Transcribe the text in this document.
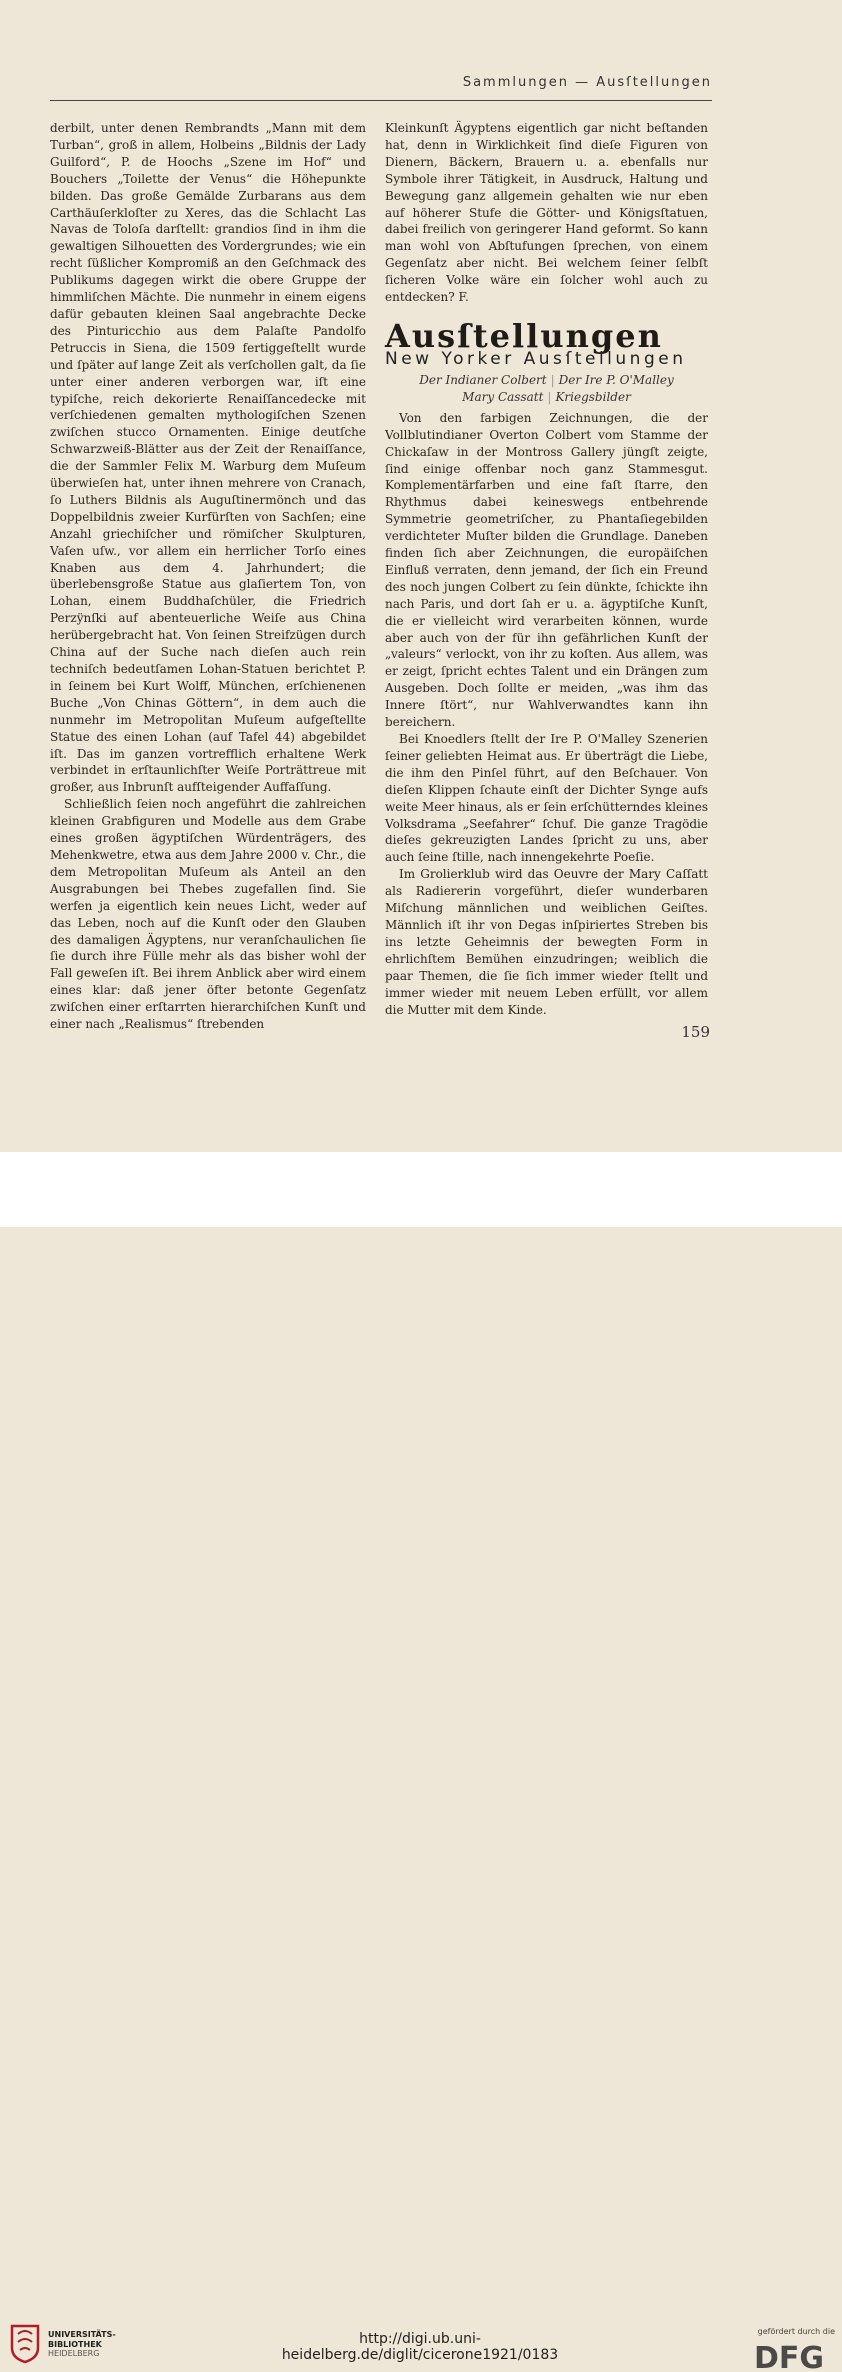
Sammlungen — Ausſtellungen

derbilt, unter denen Rembrandts „Mann mit dem Turban“, groß in allem, Holbeins „Bildnis der Lady Guilford“, P. de Hoochs „Szene im Hof“ und Bouchers „Toilette der Venus“ die Höhepunkte bilden. Das große Gemälde Zurbarans aus dem Carthäuſerkloſter zu Xeres, das die Schlacht Las Navas de Toloſa darſtellt: grandios ſind in ihm die gewaltigen Silhouetten des Vordergrundes; wie ein recht ſüßlicher Kompromiß an den Geſchmack des Publikums dagegen wirkt die obere Gruppe der himmliſchen Mächte. Die nunmehr in einem eigens dafür gebauten kleinen Saal angebrachte Decke des Pinturicchio aus dem Palaſte Pandolfo Petruccis in Siena, die 1509 fertiggeſtellt wurde und ſpäter auf lange Zeit als verſchollen galt, da ſie unter einer anderen verborgen war, iſt eine typiſche, reich dekorierte Renaiſſancedecke mit verſchiedenen gemalten mythologiſchen Szenen zwiſchen stucco Ornamenten. Einige deutſche Schwarzweiß-Blätter aus der Zeit der Renaiſſance, die der Sammler Felix M. Warburg dem Muſeum überwieſen hat, unter ihnen mehrere von Cranach, ſo Luthers Bildnis als Auguſtinermönch und das Doppelbildnis zweier Kurfürſten von Sachſen; eine Anzahl griechiſcher und römiſcher Skulpturen, Vaſen uſw., vor allem ein herrlicher Torſo eines Knaben aus dem 4. Jahrhundert; die überlebensgroße Statue aus glaſiertem Ton, von Lohan, einem Buddhaſchüler, die Friedrich Perzÿnſki auf abenteuerliche Weiſe aus China herübergebracht hat. Von ſeinen Streifzügen durch China auf der Suche nach dieſen auch rein techniſch bedeutſamen Lohan-Statuen berichtet P. in ſeinem bei Kurt Wolff, München, erſchienenen Buche „Von Chinas Göttern“, in dem auch die nunmehr im Metropolitan Muſeum aufgeſtellte Statue des einen Lohan (auf Tafel 44) abgebildet iſt. Das im ganzen vortrefflich erhaltene Werk verbindet in erſtaunlichſter Weiſe Porträttreue mit großer, aus Inbrunſt aufſteigender Auffaſſung.

Schließlich ſeien noch angeführt die zahlreichen kleinen Grabfiguren und Modelle aus dem Grabe eines großen ägyptiſchen Würdenträgers, des Mehenkwetre, etwa aus dem Jahre 2000 v. Chr., die dem Metropolitan Muſeum als Anteil an den Ausgrabungen bei Thebes zugefallen ſind. Sie werfen ja eigentlich kein neues Licht, weder auf das Leben, noch auf die Kunſt oder den Glauben des damaligen Ägyptens, nur veranſchaulichen ſie ſie durch ihre Fülle mehr als das bisher wohl der Fall geweſen iſt. Bei ihrem Anblick aber wird einem eines klar: daß jener öfter betonte Gegenſatz zwiſchen einer erſtarrten hierarchiſchen Kunſt und einer nach „Realismus“ ſtrebenden

Kleinkunſt Ägyptens eigentlich gar nicht beſtanden hat, denn in Wirklichkeit ſind dieſe Figuren von Dienern, Bäckern, Brauern u. a. ebenfalls nur Symbole ihrer Tätigkeit, in Ausdruck, Haltung und Bewegung ganz allgemein gehalten wie nur eben auf höherer Stufe die Götter- und Königsſtatuen, dabei freilich von geringerer Hand geformt. So kann man wohl von Abſtufungen ſprechen, von einem Gegenſatz aber nicht. Bei welchem ſeiner ſelbſt ſicheren Volke wäre ein ſolcher wohl auch zu entdecken? F.

Ausſtellungen
New Yorker Ausſtellungen
Der Indianer Colbert | Der Ire P. O'Malley
Mary Cassatt | Kriegsbilder

Von den farbigen Zeichnungen, die der Vollblutindianer Overton Colbert vom Stamme der Chickaſaw in der Montross Gallery jüngſt zeigte, ſind einige offenbar noch ganz Stammesgut. Komplementärfarben und eine faſt ſtarre, den Rhythmus dabei keineswegs entbehrende Symmetrie geometriſcher, zu Phantaſiegebilden verdichteter Muſter bilden die Grundlage. Daneben finden ſich aber Zeichnungen, die europäiſchen Einfluß verraten, denn jemand, der ſich ein Freund des noch jungen Colbert zu ſein dünkte, ſchickte ihn nach Paris, und dort ſah er u. a. ägyptiſche Kunſt, die er vielleicht wird verarbeiten können, wurde aber auch von der für ihn gefährlichen Kunſt der „valeurs“ verlockt, von ihr zu koſten. Aus allem, was er zeigt, ſpricht echtes Talent und ein Drängen zum Ausgeben. Doch ſollte er meiden, „was ihm das Innere ſtört“, nur Wahlverwandtes kann ihn bereichern.

Bei Knoedlers ſtellt der Ire P. O'Malley Szenerien ſeiner geliebten Heimat aus. Er überträgt die Liebe, die ihm den Pinſel führt, auf den Beſchauer. Von dieſen Klippen ſchaute einſt der Dichter Synge aufs weite Meer hinaus, als er ſein erſchütterndes kleines Volksdrama „Seefahrer“ ſchuf. Die ganze Tragödie dieſes gekreuzigten Landes ſpricht zu uns, aber auch ſeine ſtille, nach innengekehrte Poeſie.

Im Grolierklub wird das Oeuvre der Mary Caſſatt als Radiererin vorgeführt, dieſer wunderbaren Miſchung männlichen und weiblichen Geiſtes. Männlich iſt ihr von Degas inſpiriertes Streben bis ins letzte Geheimnis der bewegten Form in ehrlichſtem Bemühen einzudringen; weiblich die paar Themen, die ſie ſich immer wieder ſtellt und immer wieder mit neuem Leben erfüllt, vor allem die Mutter mit dem Kinde.

159
UNIVERSITÄTS-
BIBLIOTHEK
HEIDELBERG
http://digi.ub.uni-heidelberg.de/diglit/cicerone1921/0183
gefördert durch die
DFG
